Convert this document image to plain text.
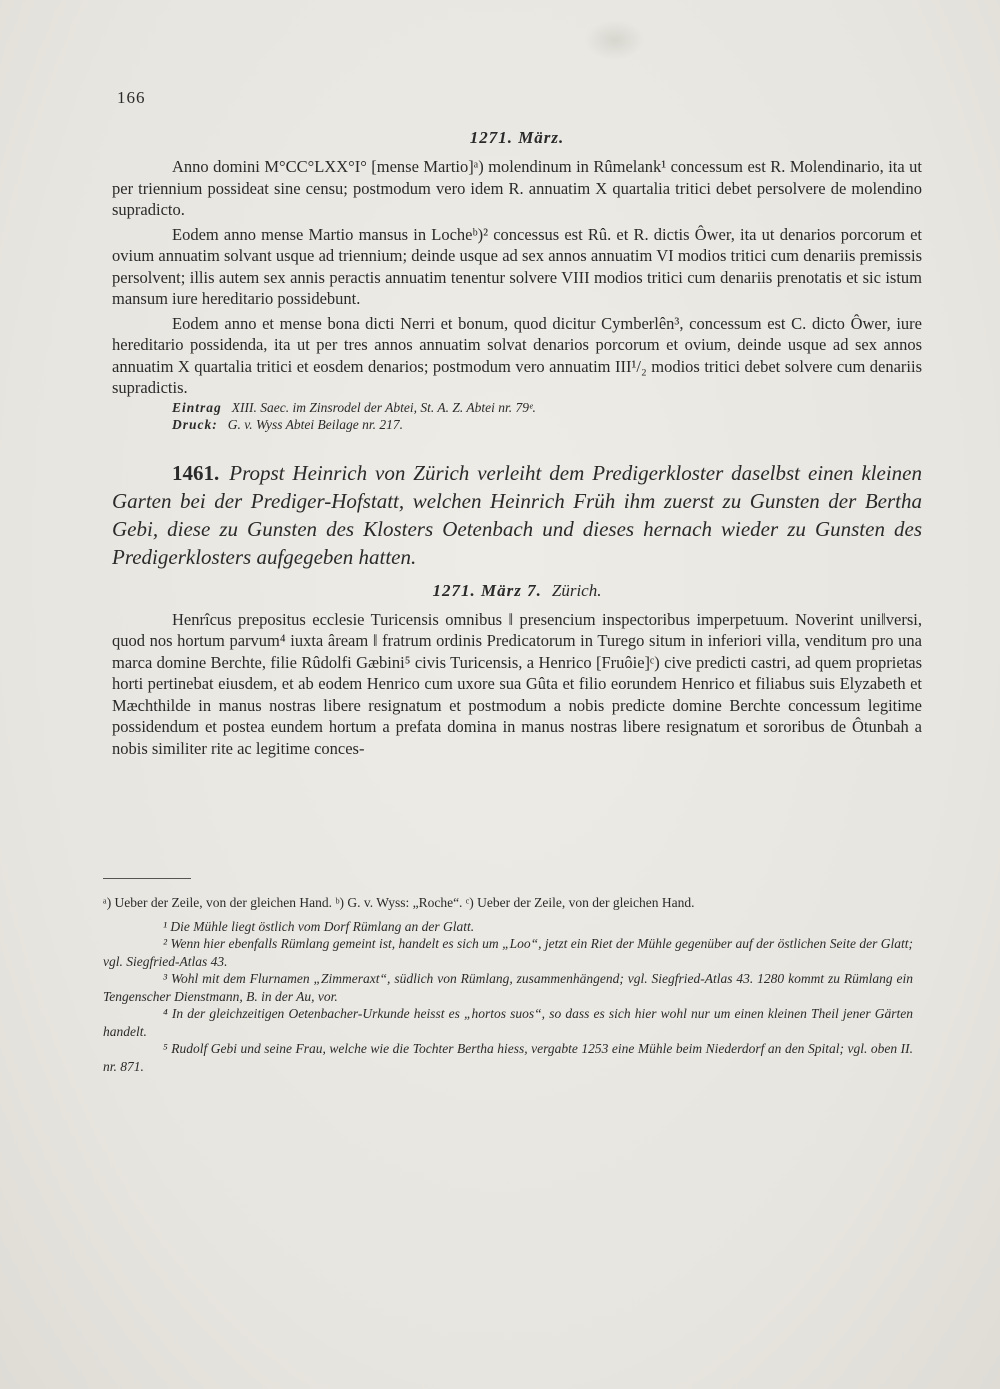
166
1271. März.

Anno domini M°CC°LXX°I° [mense Martio]ᵃ) molendinum in Rûmelank¹ concessum est R. Molendinario, ita ut per triennium possideat sine censu; postmodum vero idem R. annuatim X quartalia tritici debet persolvere de molendino supradicto.

Eodem anno mense Martio mansus in Locheᵇ)² concessus est Rû. et R. dictis Ôwer, ita ut denarios porcorum et ovium annuatim solvant usque ad triennium; deinde usque ad sex annos annuatim VI modios tritici cum denariis premissis persolvent; illis autem sex annis peractis annuatim tenentur solvere VIII modios tritici cum denariis prenotatis et sic istum mansum iure hereditario possidebunt.

Eodem anno et mense bona dicti Nerri et bonum, quod dicitur Cymberlên³, concessum est C. dicto Ôwer, iure hereditario possidenda, ita ut per tres annos annuatim solvat denarios porcorum et ovium, deinde usque ad sex annos annuatim X quartalia tritici et eosdem denarios; postmodum vero annuatim III¹/₂ modios tritici debet solvere cum denariis supradictis.

Eintrag XIII. Saec. im Zinsrodel der Abtei, St. A. Z. Abtei nr. 79ᵉ.
Druck: G. v. Wyss Abtei Beilage nr. 217.
1461. Propst Heinrich von Zürich verleiht dem Predigerkloster daselbst einen kleinen Garten bei der Prediger-Hofstatt, welchen Heinrich Früh ihm zuerst zu Gunsten der Bertha Gebi, diese zu Gunsten des Klosters Oetenbach und dieses hernach wieder zu Gunsten des Predigerklosters aufgegeben hatten.
1271. März 7. Zürich.

Henrîcus prepositus ecclesie Turicensis omnibus ‖ presencium inspectoribus imperpetuum. Noverint uni‖versi, quod nos hortum parvum⁴ iuxta âream ‖ fratrum ordinis Predicatorum in Turego situm in inferiori villa, venditum pro una marca domine Berchte, filie Rûdolfi Gæbini⁵ civis Turicensis, a Henrico [Fruôie]ᶜ) cive predicti castri, ad quem proprietas horti pertinebat eiusdem, et ab eodem Henrico cum uxore sua Gûta et filio eorundem Henrico et filiabus suis Elyzabeth et Mæchthilde in manus nostras libere resignatum et postmodum a nobis predicte domine Berchte concessum legitime possidendum et postea eundem hortum a prefata domina in manus nostras libere resignatum et sororibus de Ôtunbah a nobis similiter rite ac legitime conces-

ᵃ) Ueber der Zeile, von der gleichen Hand. ᵇ) G. v. Wyss: „Roche“. ᶜ) Ueber der Zeile, von der gleichen Hand.

¹ Die Mühle liegt östlich vom Dorf Rümlang an der Glatt.

² Wenn hier ebenfalls Rümlang gemeint ist, handelt es sich um „Loo“, jetzt ein Riet der Mühle gegenüber auf der östlichen Seite der Glatt; vgl. Siegfried-Atlas 43.

³ Wohl mit dem Flurnamen „Zimmeraxt“, südlich von Rümlang, zusammenhängend; vgl. Siegfried-Atlas 43. 1280 kommt zu Rümlang ein Tengenscher Dienstmann, B. in der Au, vor.

⁴ In der gleichzeitigen Oetenbacher-Urkunde heisst es „hortos suos“, so dass es sich hier wohl nur um einen kleinen Theil jener Gärten handelt.

⁵ Rudolf Gebi und seine Frau, welche wie die Tochter Bertha hiess, vergabte 1253 eine Mühle beim Niederdorf an den Spital; vgl. oben II. nr. 871.
